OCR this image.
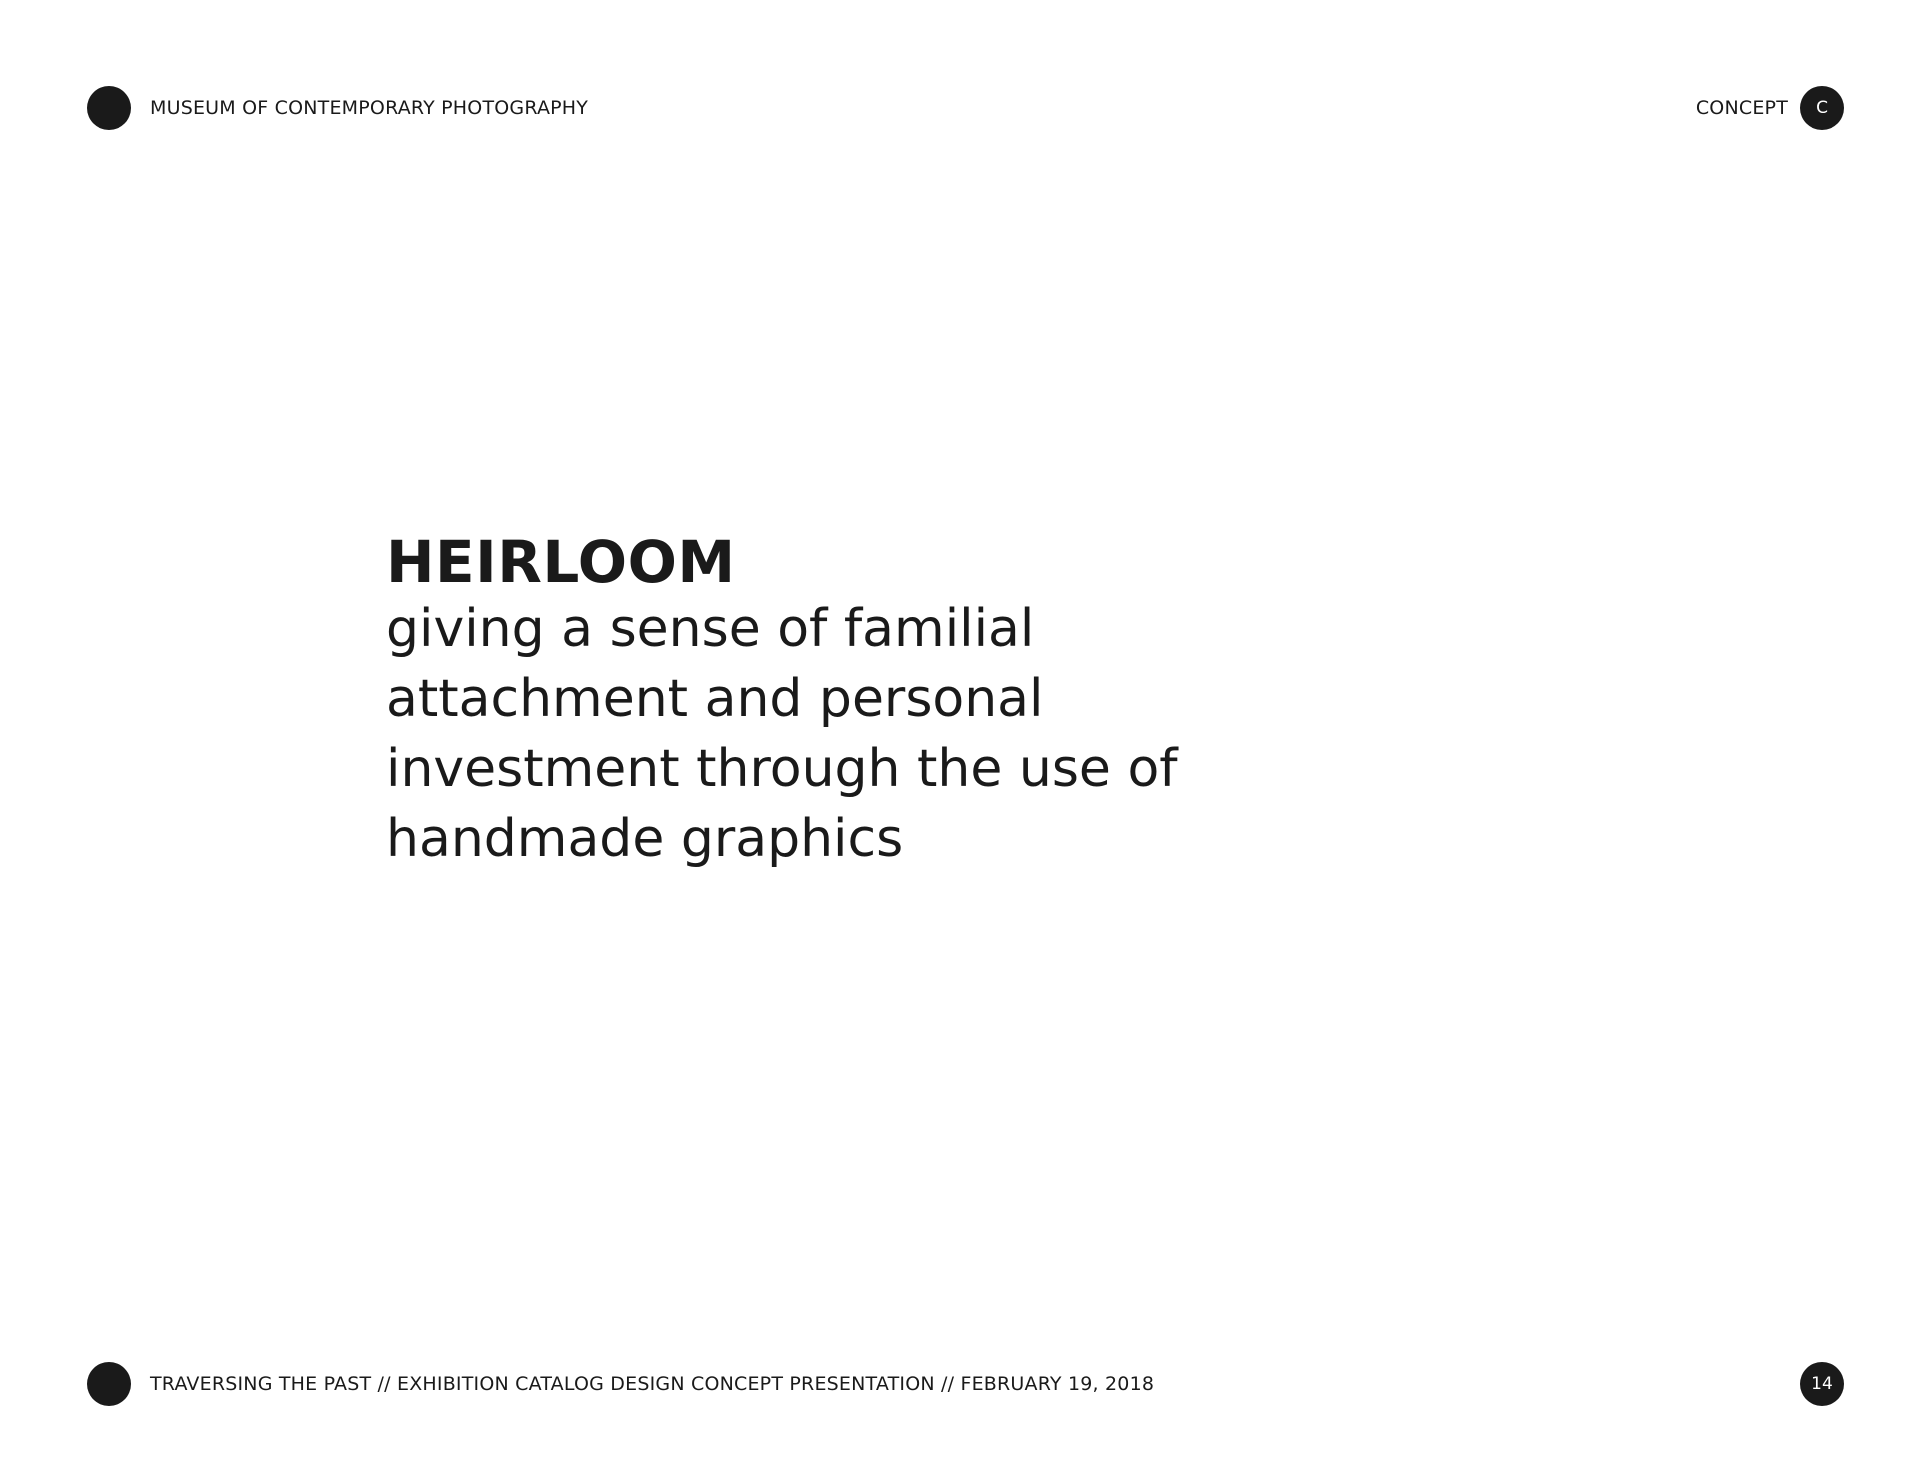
MUSEUM OF CONTEMPORARY PHOTOGRAPHY	CONCEPT	C
HEIRLOOM

giving a sense of familial
attachment and personal
investment through the use of
handmade graphics

TRAVERSING THE PAST // EXHIBITION CATALOG DESIGN CONCEPT PRESENTATION // FEBRUARY 19, 2018	14
